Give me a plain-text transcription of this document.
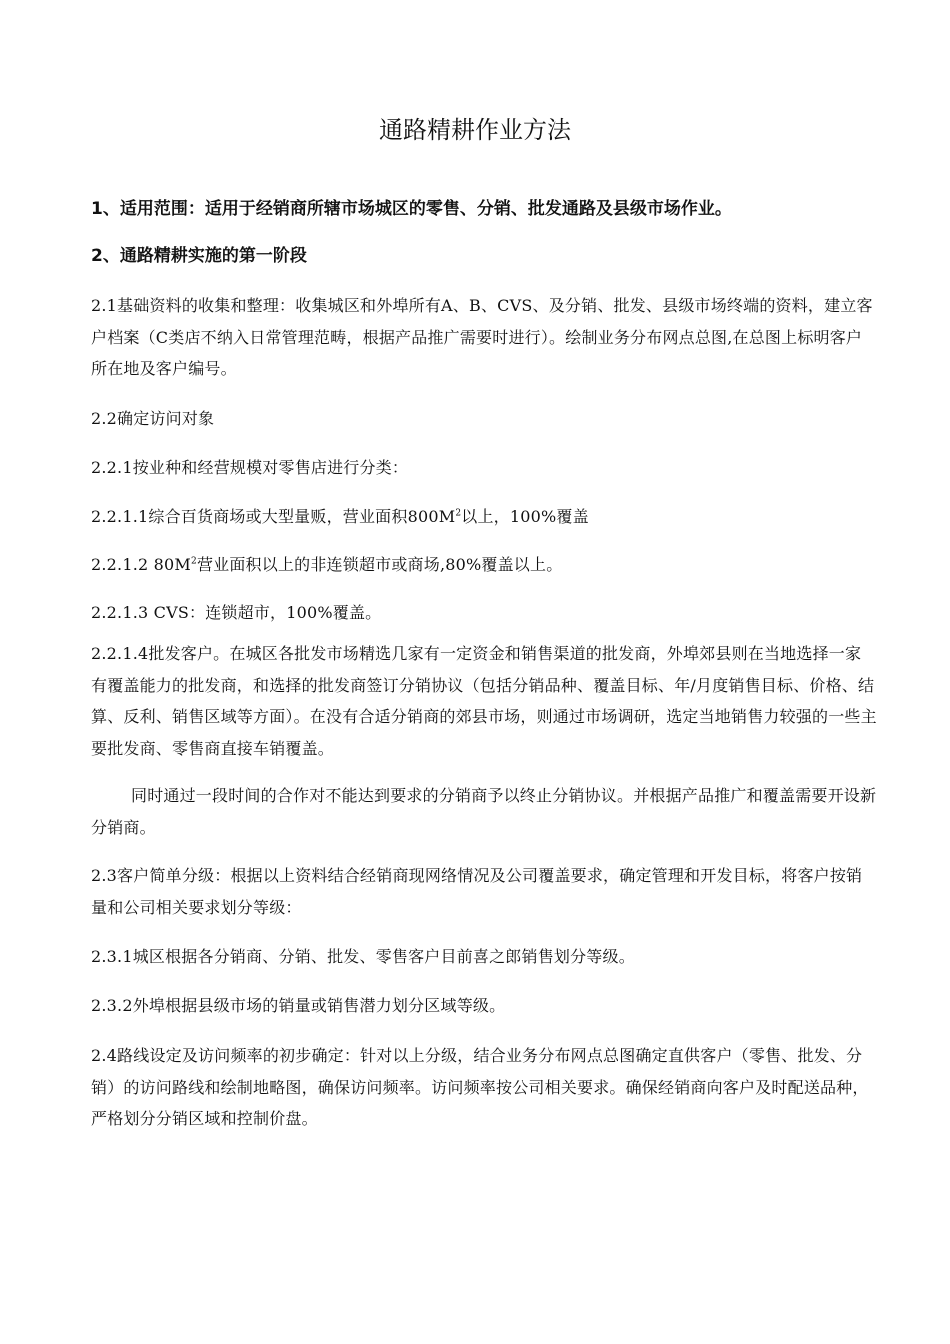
通路精耕作业方法

1、适用范围：适用于经销商所辖市场城区的零售、分销、批发通路及县级市场作业。

2、通路精耕实施的第一阶段

2.1基础资料的收集和整理：收集城区和外埠所有A、B、CVS、及分销、批发、县级市场终端的资料，建立客户档案（C类店不纳入日常管理范畴，根据产品推广需要时进行）。绘制业务分布网点总图,在总图上标明客户所在地及客户编号。

2.2确定访问对象

2.2.1按业种和经营规模对零售店进行分类：

2.2.1.1综合百货商场或大型量贩，营业面积$800M^2$以上，100%覆盖

2.2.1.2 $80M^2$营业面积以上的非连锁超市或商场,80%覆盖以上。

2.2.1.3 CVS：连锁超市，100%覆盖。

2.2.1.4批发客户。在城区各批发市场精选几家有一定资金和销售渠道的批发商，外埠郊县则在当地选择一家有覆盖能力的批发商，和选择的批发商签订分销协议（包括分销品种、覆盖目标、年/月度销售目标、价格、结算、反利、销售区域等方面）。在没有合适分销商的郊县市场，则通过市场调研，选定当地销售力较强的一些主要批发商、零售商直接车销覆盖。

同时通过一段时间的合作对不能达到要求的分销商予以终止分销协议。并根据产品推广和覆盖需要开设新分销商。

2.3客户简单分级：根据以上资料结合经销商现网络情况及公司覆盖要求，确定管理和开发目标，将客户按销量和公司相关要求划分等级：

2.3.1城区根据各分销商、分销、批发、零售客户目前喜之郎销售划分等级。

2.3.2外埠根据县级市场的销量或销售潜力划分区域等级。

2.4路线设定及访问频率的初步确定：针对以上分级，结合业务分布网点总图确定直供客户（零售、批发、分销）的访问路线和绘制地略图，确保访问频率。访问频率按公司相关要求。确保经销商向客户及时配送品种，严格划分分销区域和控制价盘。
